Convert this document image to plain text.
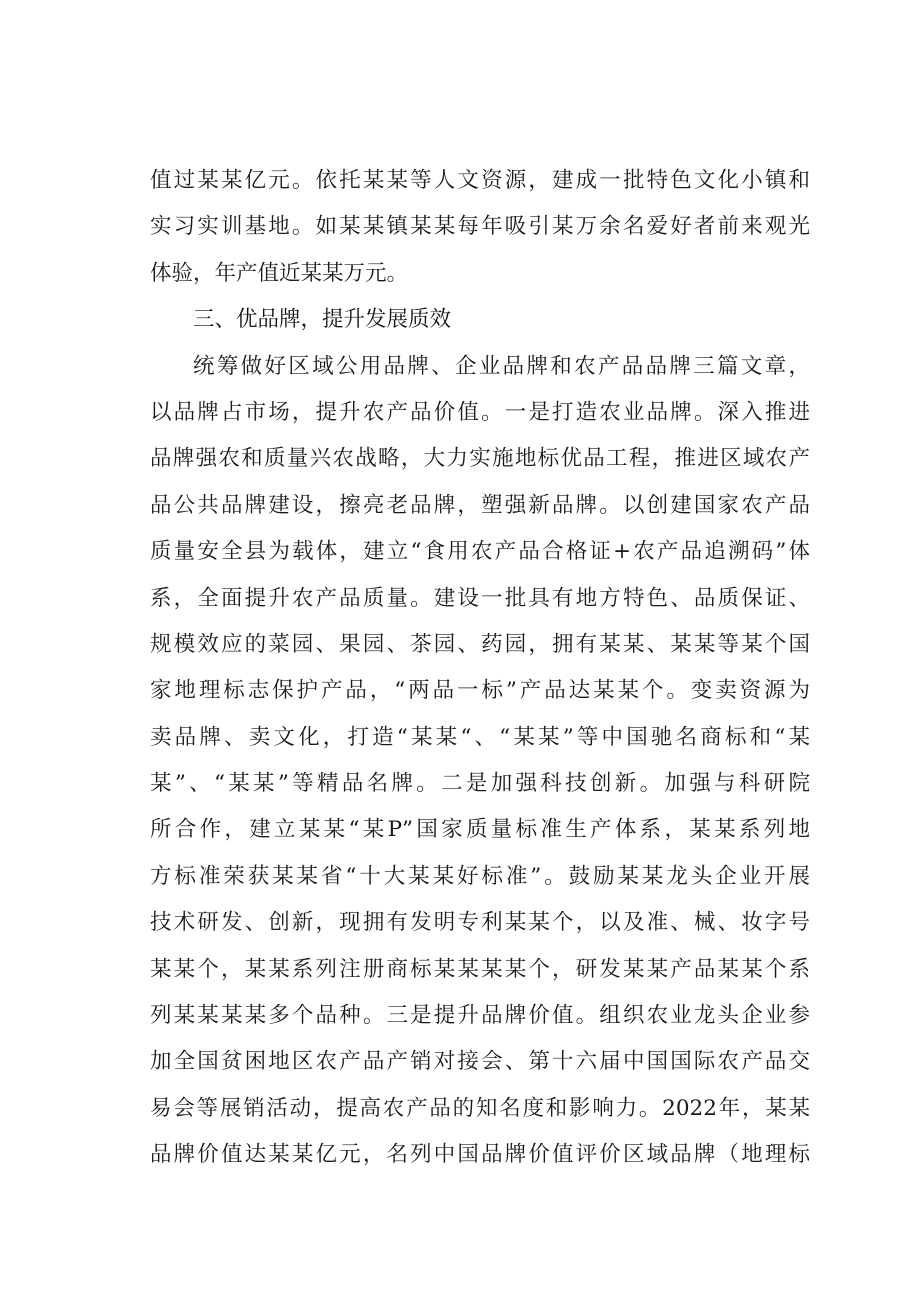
值过某某亿元。依托某某等人文资源，建成一批特色文化小镇和
实习实训基地。如某某镇某某每年吸引某万余名爱好者前来观光
体验，年产值近某某万元。
三、优品牌，提升发展质效
统筹做好区域公用品牌、企业品牌和农产品品牌三篇文章，
以品牌占市场，提升农产品价值。一是打造农业品牌。深入推进
品牌强农和质量兴农战略，大力实施地标优品工程，推进区域农产
品公共品牌建设，擦亮老品牌，塑强新品牌。以创建国家农产品
质量安全县为载体，建立“食用农产品合格证+农产品追溯码”体
系，全面提升农产品质量。建设一批具有地方特色、品质保证、
规模效应的菜园、果园、茶园、药园，拥有某某、某某等某个国
家地理标志保护产品，“两品一标”产品达某某个。变卖资源为
卖品牌、卖文化，打造“某某“、“某某”等中国驰名商标和“某
某”、“某某”等精品名牌。二是加强科技创新。加强与科研院
所合作，建立某某“某P”国家质量标准生产体系，某某系列地
方标准荣获某某省“十大某某好标准”。鼓励某某龙头企业开展
技术研发、创新，现拥有发明专利某某个，以及准、械、妆字号
某某个，某某系列注册商标某某某某个，研发某某产品某某个系
列某某某某多个品种。三是提升品牌价值。组织农业龙头企业参
加全国贫困地区农产品产销对接会、第十六届中国国际农产品交
易会等展销活动，提高农产品的知名度和影响力。2022年，某某
品牌价值达某某亿元，名列中国品牌价值评价区域品牌（地理标
